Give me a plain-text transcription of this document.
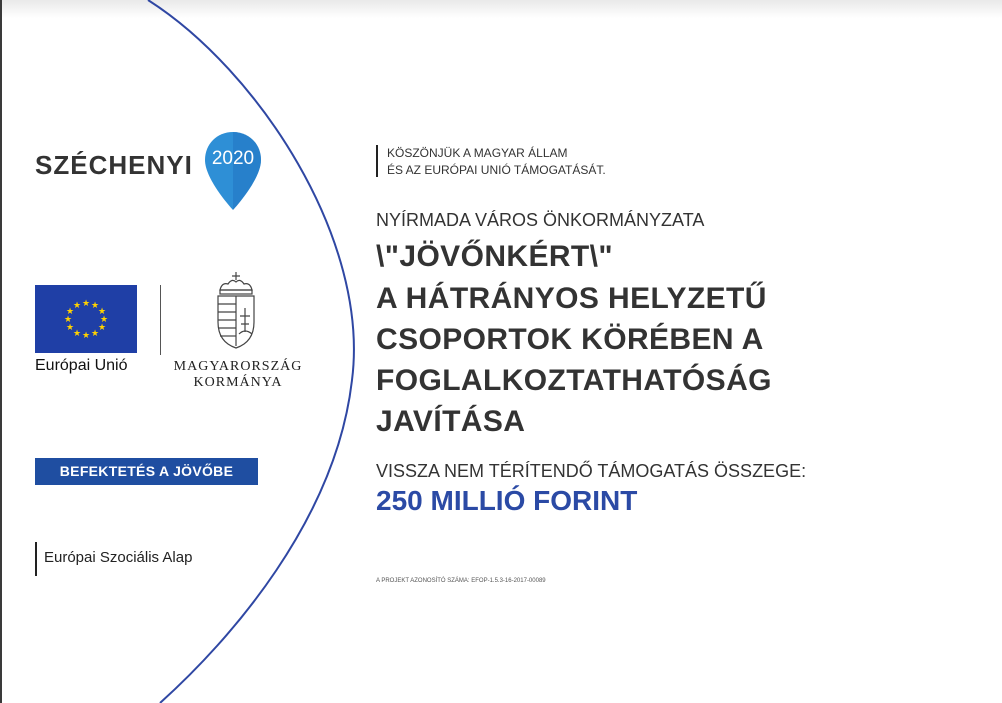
SZÉCHENYI	2020
★ ★
★
★
★
★
★
★
★
★
★
★
Európai Unió	MAGYARORSZÁG
KORMÁNYA
BEFEKTETÉS A JÖVŐBE
Európai Szociális Alap
KÖSZÖNJÜK A MAGYAR ÁLLAM
ÉS AZ EURÓPAI UNIÓ TÁMOGATÁSÁT.
NYÍRMADA VÁROS ÖNKORMÁNYZATA
\"JÖVŐNKÉRT\"
A HÁTRÁNYOS HELYZETŰ
CSOPORTOK KÖRÉBEN A
FOGLALKOZTATHATÓSÁG
JAVÍTÁSA
VISSZA NEM TÉRÍTENDŐ TÁMOGATÁS ÖSSZEGE:
250 MILLIÓ FORINT
A PROJEKT AZONOSÍTÓ SZÁMA: EFOP-1.5.3-16-2017-00089
